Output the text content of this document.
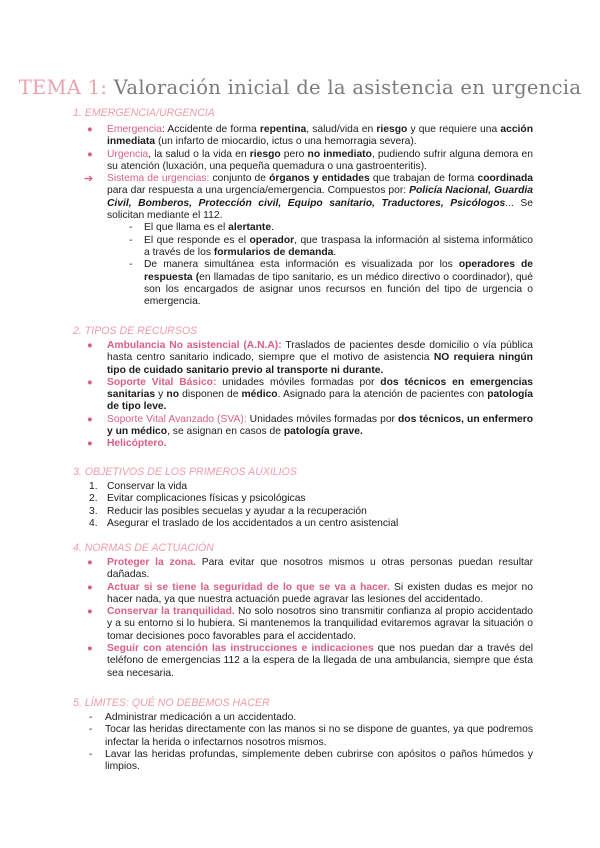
TEMA 1: Valoración inicial de la asistencia en urgencia
1. EMERGENCIA/URGENCIA
● Emergencia: Accidente de forma repentina, salud/vida en riesgo y que requiere una acción inmediata (un infarto de miocardio, ictus o una hemorragia severa).
● Urgencia, la salud o la vida en riesgo pero no inmediato, pudiendo sufrir alguna demora en su atención (luxación, una pequeña quemadura o una gastroenteritis).
➔ Sistema de urgencias: conjunto de órganos y entidades que trabajan de forma coordinada para dar respuesta a una urgencia/emergencia. Compuestos por: Policía Nacional, Guardia Civil, Bomberos, Protección civil, Equipo sanitario, Traductores, Psicólogos... Se solicitan mediante el 112.
- El que llama es el alertante.
- El que responde es el operador, que traspasa la información al sistema informático a través de los formularios de demanda.
- De manera simultánea esta información es visualizada por los operadores de respuesta (en llamadas de tipo sanitario, es un médico directivo o coordinador), qué son los encargados de asignar unos recursos en función del tipo de urgencia o emergencia.
2. TIPOS DE RECURSOS
● Ambulancia No asistencial (A.N.A): Traslados de pacientes desde domicilio o vía pública hasta centro sanitario indicado, siempre que el motivo de asistencia NO requiera ningún tipo de cuidado sanitario previo al transporte ni durante.
● Soporte Vital Básico: unidades móviles formadas por dos técnicos en emergencias sanitarias y no disponen de médico. Asignado para la atención de pacientes con patología de tipo leve.
● Soporte Vital Avanzado (SVA): Unidades móviles formadas por dos técnicos, un enfermero y un médico, se asignan en casos de patología grave.
● Helicóptero.
3. OBJETIVOS DE LOS PRIMEROS AUXILIOS
1. Conservar la vida
2. Evitar complicaciones físicas y psicológicas
3. Reducir las posibles secuelas y ayudar a la recuperación
4. Asegurar el traslado de los accidentados a un centro asistencial
4. NORMAS DE ACTUACIÓN
● Proteger la zona. Para evitar que nosotros mismos u otras personas puedan resultar dañadas.
● Actuar si se tiene la seguridad de lo que se va a hacer. Si existen dudas es mejor no hacer nada, ya que nuestra actuación puede agravar las lesiones del accidentado.
● Conservar la tranquilidad. No solo nosotros sino transmitir confianza al propio accidentado y a su entorno si lo hubiera. Si mantenemos la tranquilidad evitaremos agravar la situación o tomar decisiones poco favorables para el accidentado.
● Seguir con atención las instrucciones e indicaciones que nos puedan dar a través del teléfono de emergencias 112 a la espera de la llegada de una ambulancia, siempre que ésta sea necesaria.
5. LÍMITES: QUÉ NO DEBEMOS HACER
- Administrar medicación a un accidentado.
- Tocar las heridas directamente con las manos si no se dispone de guantes, ya que podremos infectar la herida o infectarnos nosotros mismos.
- Lavar las heridas profundas, simplemente deben cubrirse con apósitos o paños húmedos y limpios.
